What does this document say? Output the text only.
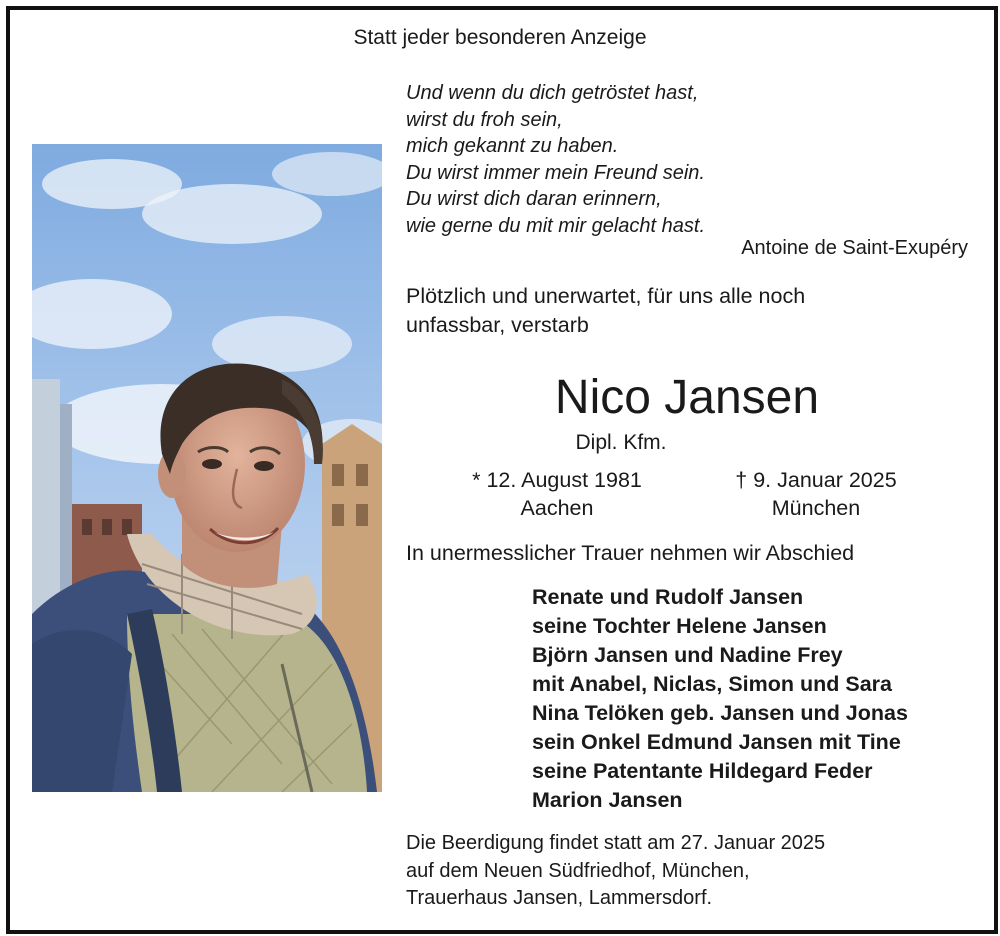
Statt jeder besonderen Anzeige
Und wenn du dich getröstet hast,
wirst du froh sein,
mich gekannt zu haben.
Du wirst immer mein Freund sein.
Du wirst dich daran erinnern,
wie gerne du mit mir gelacht hast.
Antoine de Saint-Exupéry
Plötzlich und unerwartet, für uns alle noch
unfassbar, verstarb
Nico Jansen
Dipl. Kfm.
* 12. August 1981
Aachen
† 9. Januar 2025
München
In unermesslicher Trauer nehmen wir Abschied
Renate und Rudolf Jansen
seine Tochter Helene Jansen
Björn Jansen und Nadine Frey
mit Anabel, Niclas, Simon und Sara
Nina Telöken geb. Jansen und Jonas
sein Onkel Edmund Jansen mit Tine
seine Patentante Hildegard Feder
Marion Jansen
Die Beerdigung findet statt am 27. Januar 2025
auf dem Neuen Südfriedhof, München,
Trauerhaus Jansen, Lammersdorf.
